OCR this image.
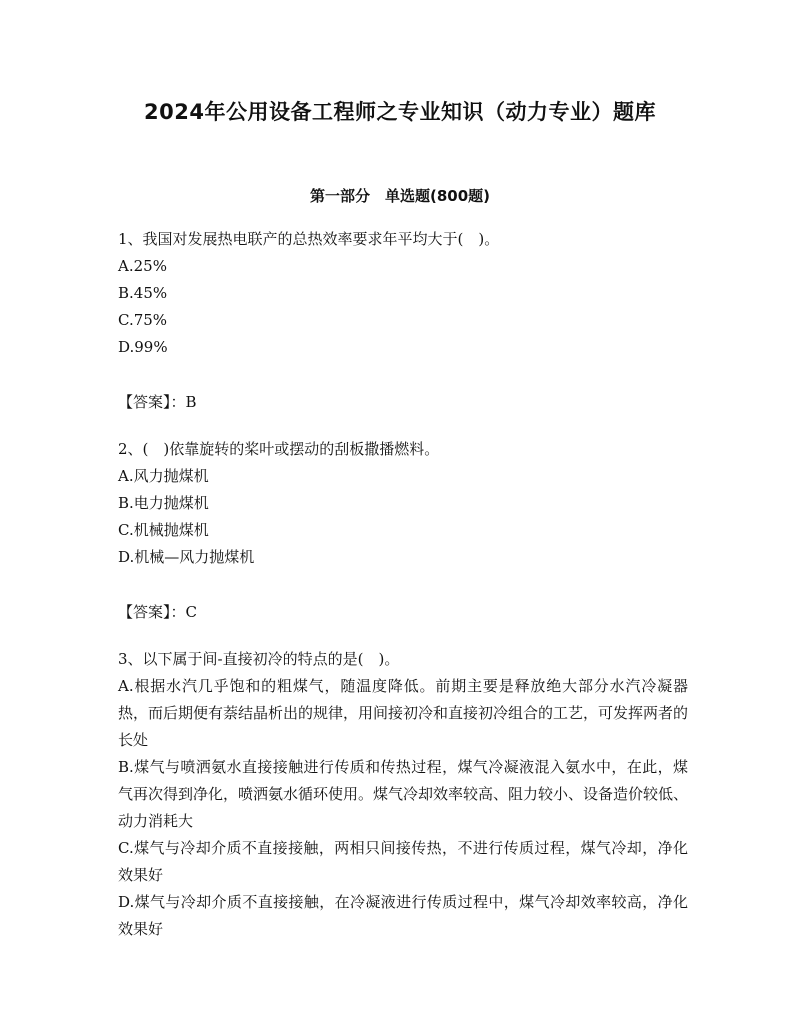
2024年公用设备工程师之专业知识（动力专业）题库
第一部分　单选题(800题)

1、我国对发展热电联产的总热效率要求年平均大于(　)。

A.25%

B.45%

C.75%

D.99%

【答案】：B

2、(　)依靠旋转的桨叶或摆动的刮板撒播燃料。

A.风力抛煤机

B.电力抛煤机

C.机械抛煤机

D.机械—风力抛煤机

【答案】：C

3、以下属于间-直接初冷的特点的是(　)。

A.根据水汽几乎饱和的粗煤气，随温度降低。前期主要是释放绝大部分水汽冷凝器热，而后期便有萘结晶析出的规律，用间接初冷和直接初冷组合的工艺，可发挥两者的长处

B.煤气与喷洒氨水直接接触进行传质和传热过程，煤气冷凝液混入氨水中，在此，煤气再次得到净化，喷洒氨水循环使用。煤气冷却效率较高、阻力较小、设备造价较低、动力消耗大

C.煤气与冷却介质不直接接触，两相只间接传热，不进行传质过程，煤气冷却，净化效果好

D.煤气与冷却介质不直接接触，在冷凝液进行传质过程中，煤气冷却效率较高，净化效果好
